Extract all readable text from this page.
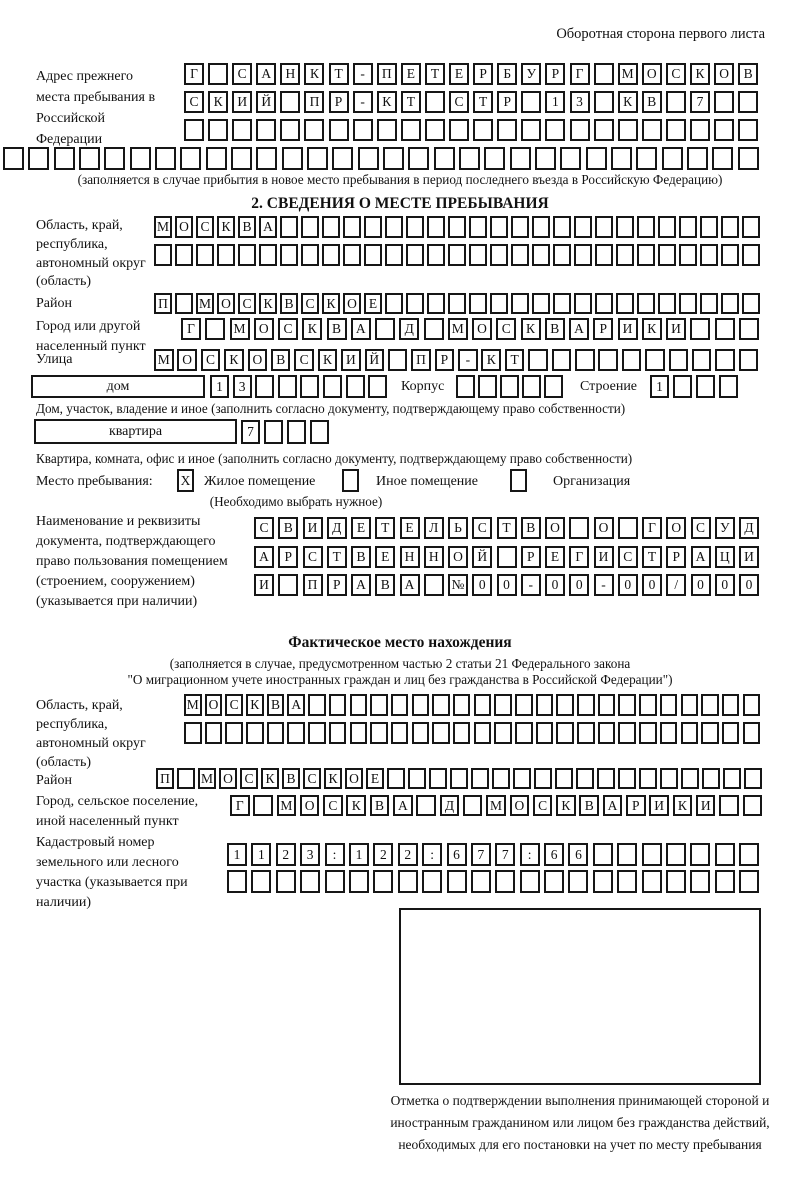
Оборотная сторона первого листа
Адрес прежнего места пребывания в Российской Федерации
Г	С	А	Н	К	Т	-	П	Е	Т	Е	Р	Б	У	Р	Г	М О	С	К	О	В
С	К	И	Й	П	Р	-	К	Т	С	Т	Р	1	3	К	В	7
(заполняется в случае прибытия в новое место пребывания в период последнего въезда в Российскую Федерацию)
2. СВЕДЕНИЯ О МЕСТЕ ПРЕБЫВАНИЯ
Область, край, республика, автономный округ (область)
М О С К В А
Район	П	М О С К В С К О Е
Город или другой населенный пункт
Г	М О	С	К	В	А	Д	М О	С	К	В	А	Р	И	К	И
Улица	М О	С	К	О	В	С	К	И	Й	П	Р	-	К	Т
дом	1	3	Корпус	Строение	1
Дом, участок, владение и иное (заполнить согласно документу, подтверждающему право собственности)
квартира	7
Квартира, комната, офис и иное (заполнить согласно документу, подтверждающему право собственности)
Место пребывания: X Жилое помещение	Иное помещение	Организация
(Необходимо выбрать нужное)
Наименование и реквизиты документа, подтверждающего право пользования помещением (строением, сооружением) (указывается при наличии)
С	В	И	Д	Е	Т	Е	Л	Ь	С	Т	В	О	О	Г	О	С	У	Д
А	Р	С	Т	В	Е	Н	Н	О	Й	Р	Е	Г	И	С	Т	Р	А	Ц	И
И	П	Р	А	В	А	№	0	0	-	0	0	-	0	0	/	0	0	0
Фактическое место нахождения
(заполняется в случае, предусмотренном частью 2 статьи 21 Федерального закона
"О миграционном учете иностранных граждан и лиц без гражданства в Российской Федерации")
Область, край, республика, автономный округ (область)
М О С К В А
Район	П	М О С К В С К О Е
Город, сельское поселение, иной населенный пункт
Г	М О	С	К	В	А	Д	М О	С	К	В	А	Р	И	К	И
Кадастровый номер земельного или лесного участка (указывается при наличии)
1	1	2	3	:	1	2	2	:	6	7	7	:	6	6
Отметка о подтверждении выполнения принимающей стороной и иностранным гражданином или лицом без гражданства действий, необходимых для его постановки на учет по месту пребывания
